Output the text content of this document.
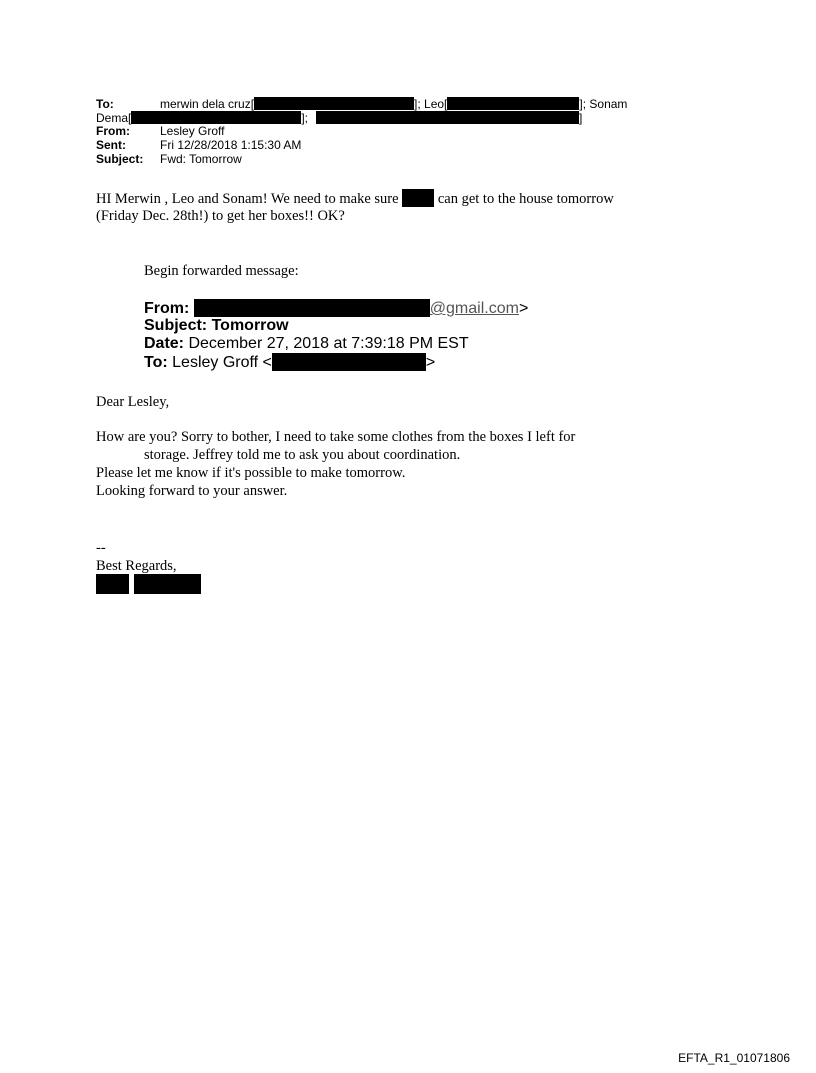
To:	merwin dela cruz[	]; Leo[	]; Sonam
Dema[	];	]
From:	Lesley Groff
Sent:	Fri 12/28/2018 1:15:30 AM
Subject: Fwd: Tomorrow
HI Merwin , Leo and Sonam! We need to make sure	can get to the house tomorrow
(Friday Dec. 28th!) to get her boxes!! OK?
Begin forwarded message:
From:	@gmail.com>
Subject: Tomorrow
Date: December 27, 2018 at 7:39:18 PM EST
To: Lesley Groff <	>
Dear Lesley,
How are you? Sorry to bother, I need to take some clothes from the boxes I left for
storage. Jeffrey told me to ask you about coordination.
Please let me know if it's possible to make tomorrow.
Looking forward to your answer.
--
Best Regards,

EFTA_R1_01071806
